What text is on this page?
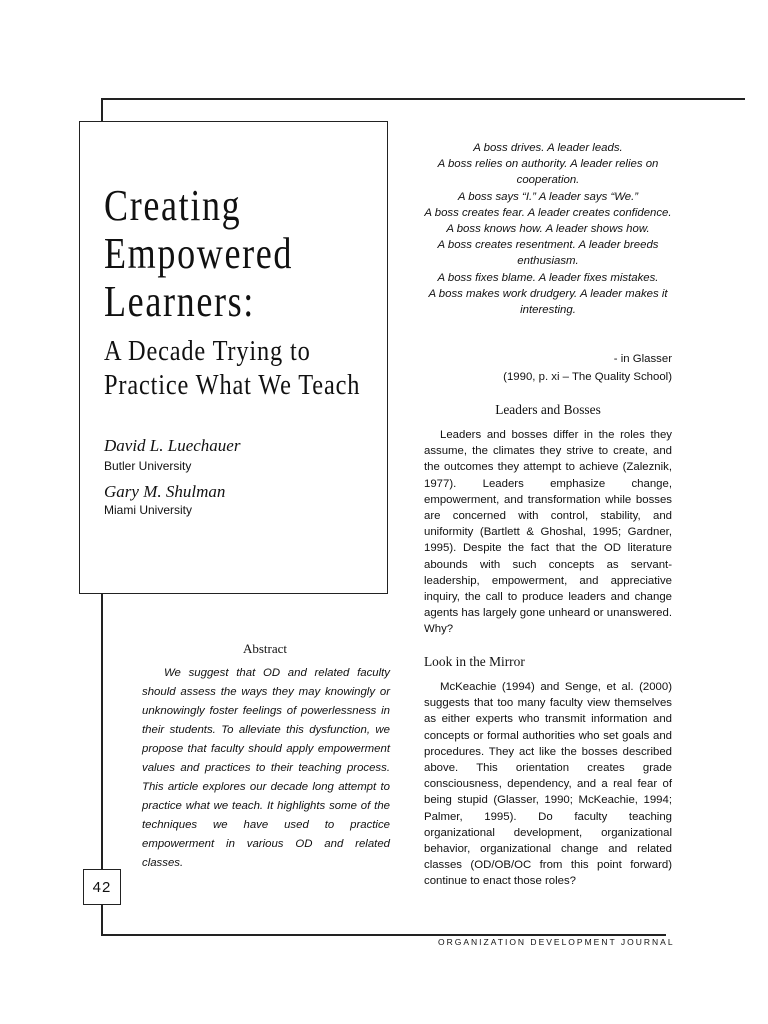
Creating
Empowered
Learners:
A Decade Trying to
Practice What We Teach
David L. Luechauer
Butler University
Gary M. Shulman
Miami University
Abstract

We suggest that OD and related faculty should assess the ways they may knowingly or unknowingly foster feelings of powerlessness in their students. To alleviate this dysfunction, we propose that faculty should apply empowerment values and practices to their teaching process. This article explores our decade long attempt to practice what we teach. It highlights some of the techniques we have used to practice empowerment in various OD and related classes.

42
A boss drives. A leader leads.
A boss relies on authority. A leader relies on cooperation.
A boss says “I.” A leader says “We.”
A boss creates fear. A leader creates confidence.
A boss knows how. A leader shows how.
A boss creates resentment. A leader breeds enthusiasm.
A boss fixes blame. A leader fixes mistakes.
A boss makes work drudgery. A leader makes it interesting.
- in Glasser
(1990, p. xi – The Quality School)
Leaders and Bosses

Leaders and bosses differ in the roles they assume, the climates they strive to create, and the outcomes they attempt to achieve (Zaleznik, 1977). Leaders emphasize change, empowerment, and transformation while bosses are concerned with control, stability, and uniformity (Bartlett & Ghoshal, 1995; Gardner, 1995). Despite the fact that the OD literature abounds with such concepts as servant-leadership, empowerment, and appreciative inquiry, the call to produce leaders and change agents has largely gone unheard or unanswered. Why?

Look in the Mirror

McKeachie (1994) and Senge, et al. (2000) suggests that too many faculty view themselves as either experts who transmit information and concepts or formal authorities who set goals and procedures. They act like the bosses described above. This orientation creates grade consciousness, dependency, and a real fear of being stupid (Glasser, 1990; McKeachie, 1994; Palmer, 1995). Do faculty teaching organizational development, organizational behavior, organizational change and related classes (OD/OB/OC from this point forward) continue to enact those roles?

ORGANIZATION DEVELOPMENT JOURNAL
